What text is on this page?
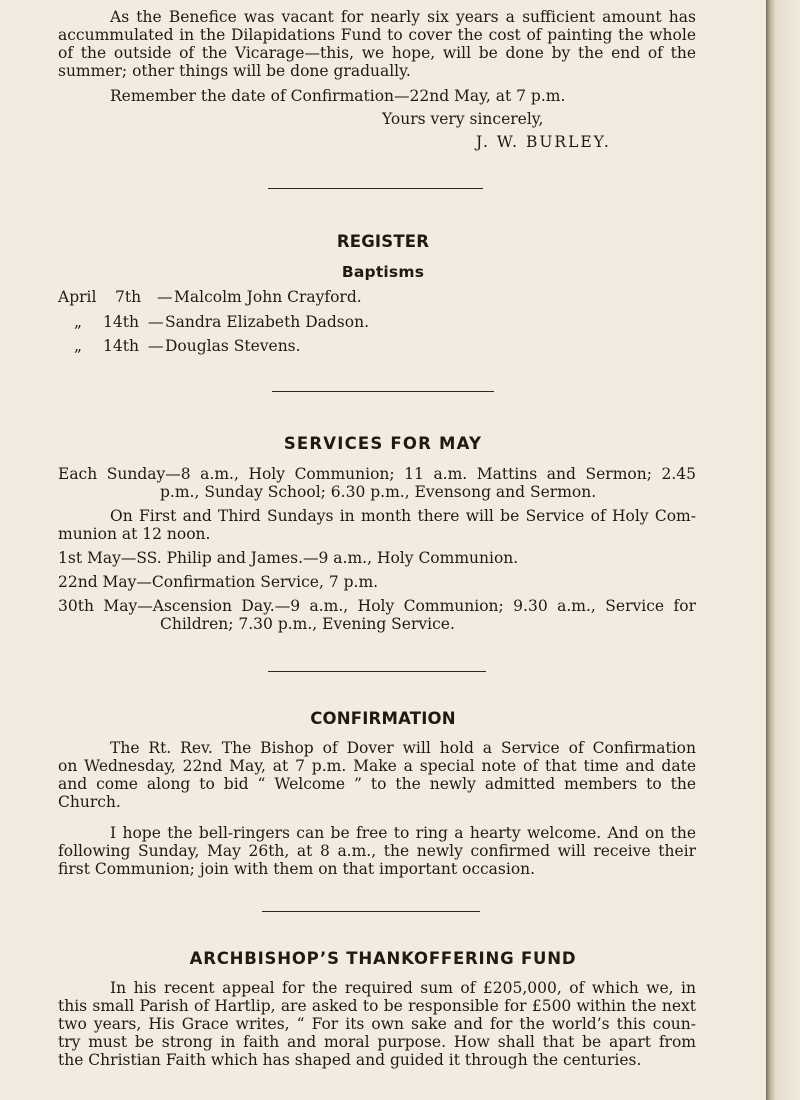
As the Benefice was vacant for nearly six years a sufficient amount has
accummulated in the Dilapidations Fund to cover the cost of painting the whole
of the outside of the Vicarage—this, we hope, will be done by the end of the
summer; other things will be done gradually.
Remember the date of Confirmation—22nd May, at 7 p.m.
Yours very sincerely,
J. W. BURLEY.
REGISTER
Baptisms
April 7th — Malcolm John Crayford.
„ 14th — Sandra Elizabeth Dadson.
„ 14th — Douglas Stevens.
SERVICES FOR MAY
Each Sunday—8 a.m., Holy Communion; 11 a.m. Mattins and Sermon; 2.45
p.m., Sunday School; 6.30 p.m., Evensong and Sermon.
On First and Third Sundays in month there will be Service of Holy Com-
munion at 12 noon.
1st May—SS. Philip and James.—9 a.m., Holy Communion.
22nd May—Confirmation Service, 7 p.m.
30th May—Ascension Day.—9 a.m., Holy Communion; 9.30 a.m., Service for
Children; 7.30 p.m., Evening Service.
CONFIRMATION
The Rt. Rev. The Bishop of Dover will hold a Service of Confirmation
on Wednesday, 22nd May, at 7 p.m. Make a special note of that time and date
and come along to bid “ Welcome ” to the newly admitted members to the
Church.
I hope the bell-ringers can be free to ring a hearty welcome. And on the
following Sunday, May 26th, at 8 a.m., the newly confirmed will receive their
first Communion; join with them on that important occasion.
ARCHBISHOP’S THANKOFFERING FUND
In his recent appeal for the required sum of £205,000, of which we, in
this small Parish of Hartlip, are asked to be responsible for £500 within the next
two years, His Grace writes, “ For its own sake and for the world’s this coun-
try must be strong in faith and moral purpose. How shall that be apart from
the Christian Faith which has shaped and guided it through the centuries.
